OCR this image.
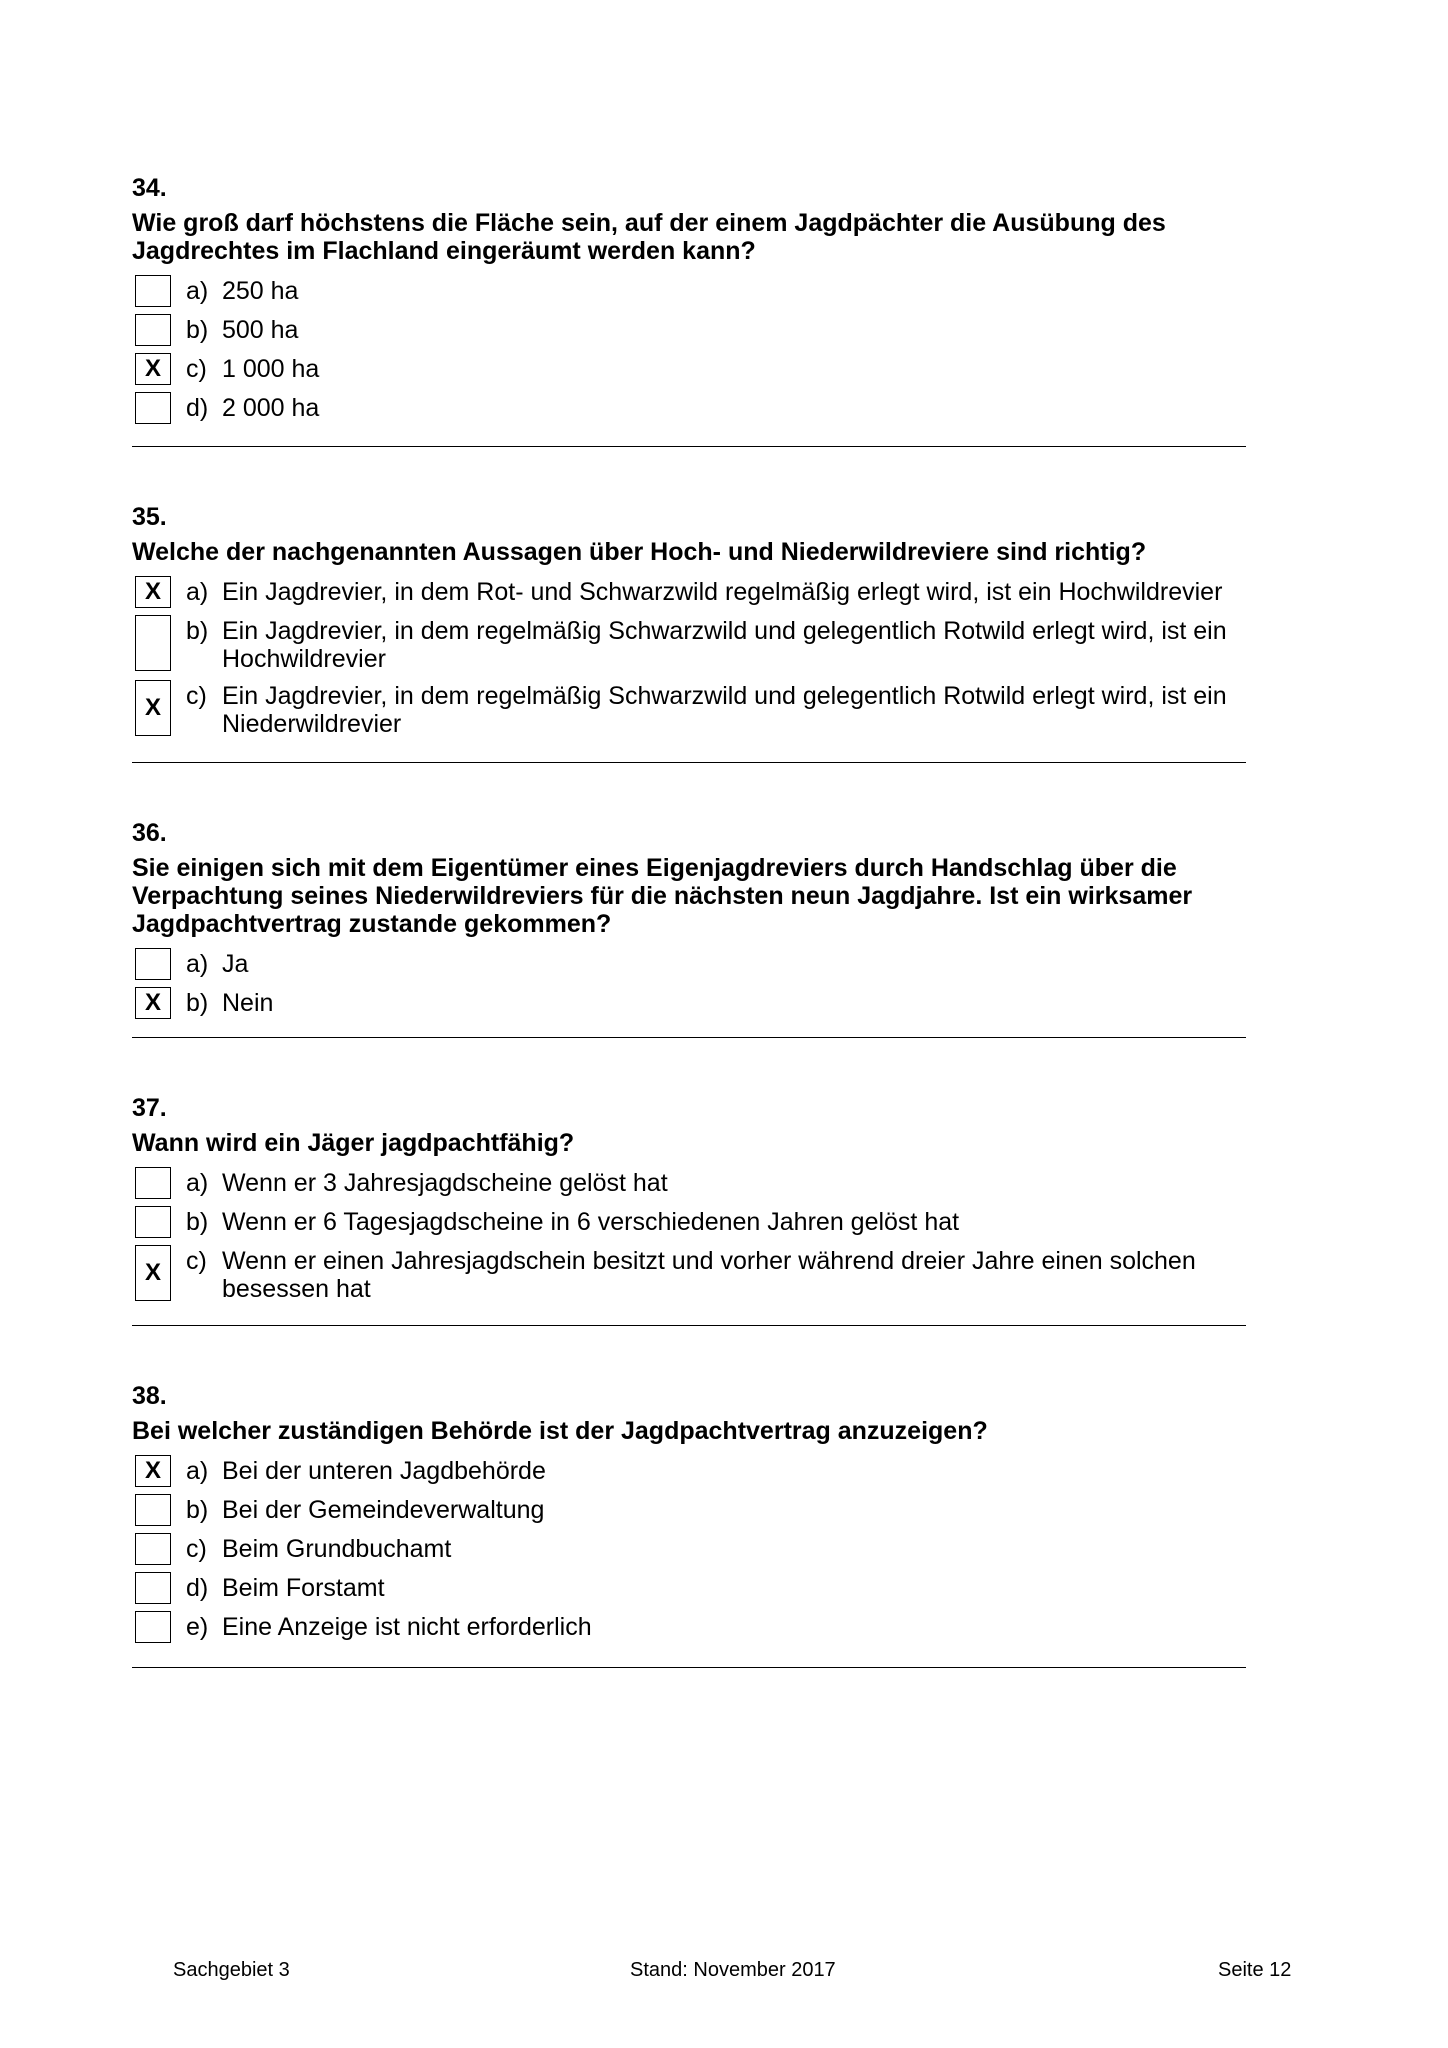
34.
Wie groß darf höchstens die Fläche sein, auf der einem Jagdpächter die Ausübung des Jagdrechtes im Flachland eingeräumt werden kann?
a) 250 ha
b) 500 ha
X	c) 1 000 ha
d) 2 000 ha
35.
Welche der nachgenannten Aussagen über Hoch- und Niederwildreviere sind richtig?
X	a) Ein Jagdrevier, in dem Rot- und Schwarzwild regelmäßig erlegt wird, ist ein Hochwildrevier
b) Ein Jagdrevier, in dem regelmäßig Schwarzwild und gelegentlich Rotwild erlegt wird, ist ein Hochwildrevier
X	c) Ein Jagdrevier, in dem regelmäßig Schwarzwild und gelegentlich Rotwild erlegt wird, ist ein Niederwildrevier
36.
Sie einigen sich mit dem Eigentümer eines Eigenjagdreviers durch Handschlag über die Verpachtung seines Niederwildreviers für die nächsten neun Jagdjahre. Ist ein wirksamer Jagdpachtvertrag zustande gekommen?
a) Ja
X	b) Nein
37.
Wann wird ein Jäger jagdpachtfähig?
a) Wenn er 3 Jahresjagdscheine gelöst hat
b) Wenn er 6 Tagesjagdscheine in 6 verschiedenen Jahren gelöst hat
X	c) Wenn er einen Jahresjagdschein besitzt und vorher während dreier Jahre einen solchen besessen hat
38.
Bei welcher zuständigen Behörde ist der Jagdpachtvertrag anzuzeigen?
X	a) Bei der unteren Jagdbehörde
b) Bei der Gemeindeverwaltung
c) Beim Grundbuchamt
d) Beim Forstamt
e) Eine Anzeige ist nicht erforderlich
Sachgebiet 3	Stand: November 2017	Seite 12
